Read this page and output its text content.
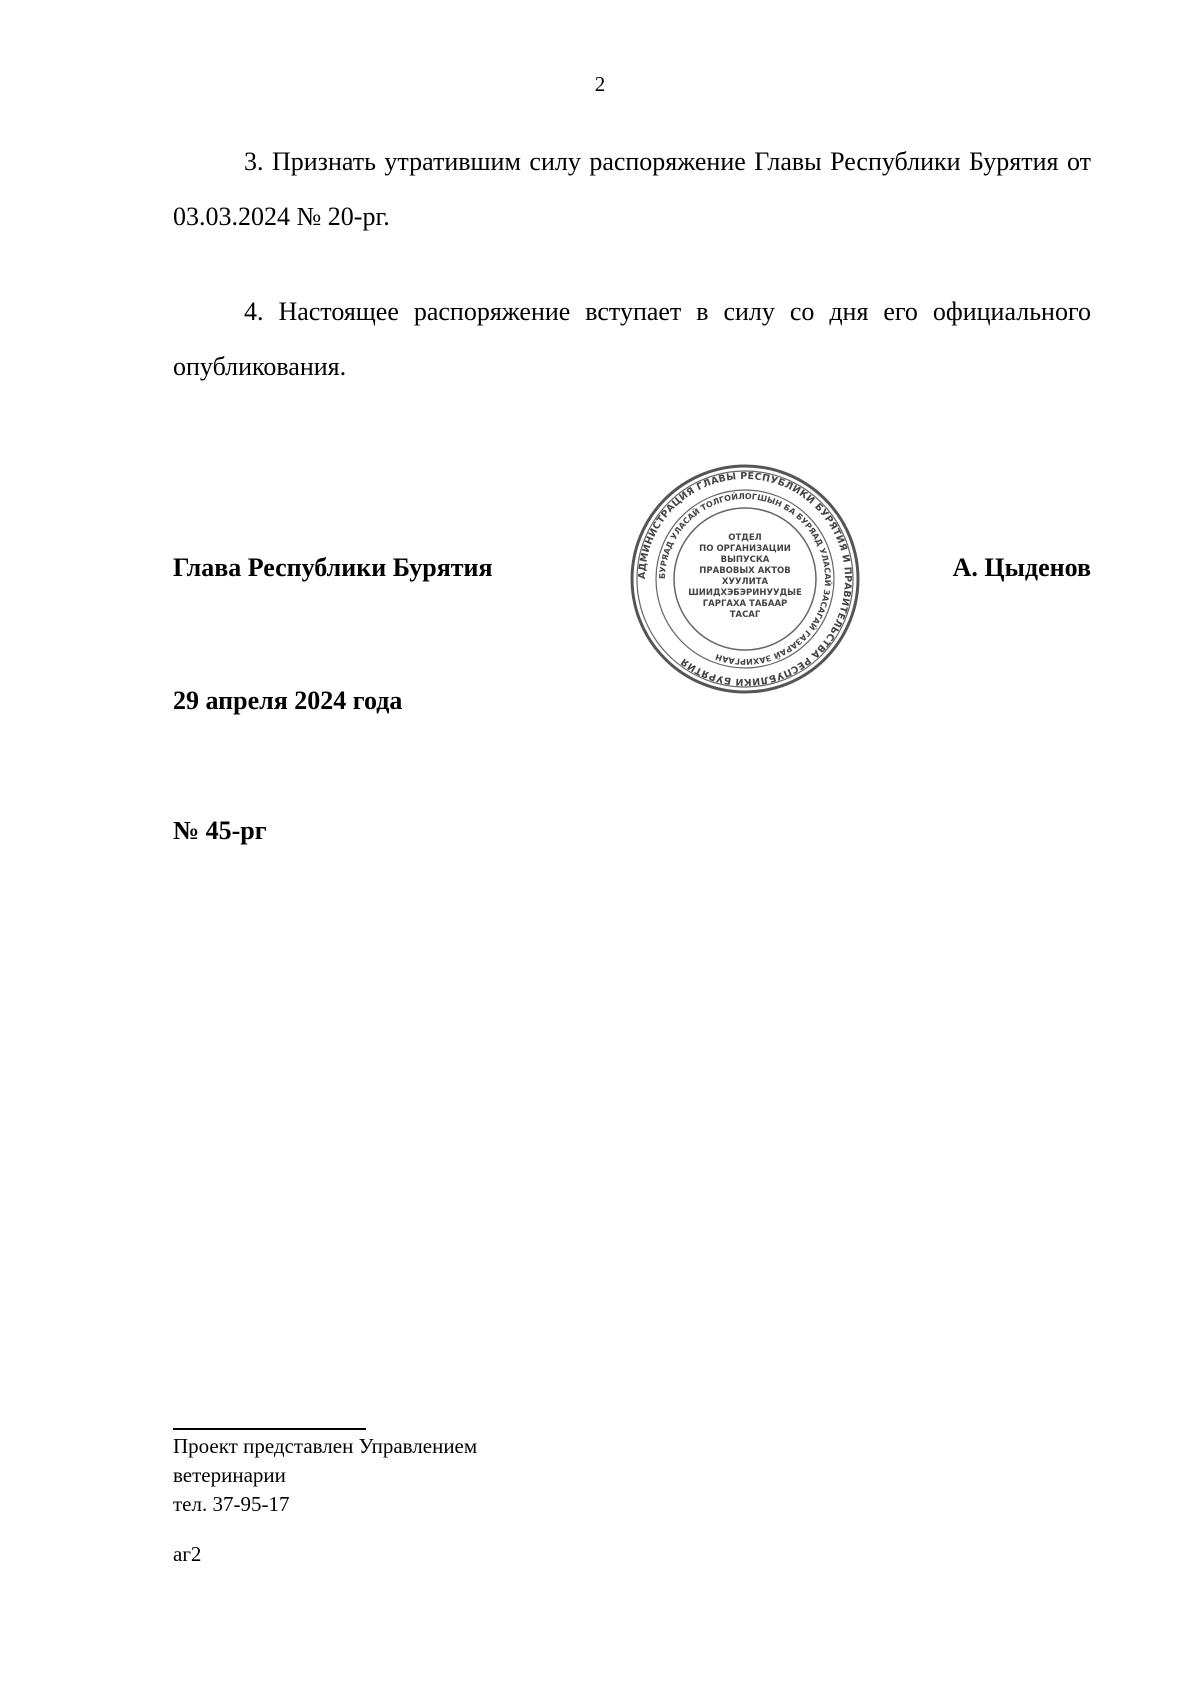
2

3. Признать утратившим силу распоряжение Главы Республики Бурятия от 03.03.2024 № 20-рг.

4. Настоящее распоряжение вступает в силу со дня его официального опубликования.

Глава Республики Бурятия	АДМИНИСТРАЦИЯ ГЛАВЫ РЕСПУБЛИКИ БУРЯТИЯ И ПРАВИТЕЛЬСТВА РЕСПУБЛИКИ БУРЯТИЯ
БУРЯАД УЛАСАЙ ТОЛГОЙЛОГШЫН БА БУРЯАД УЛАСАЙ ЗАСАГАЙ ГАЗАРАЙ ЗАХИРГААН
ОТДЕЛ
ПО ОРГАНИЗАЦИИ
ВЫПУСКА
ПРАВОВЫХ АКТОВ
ХУУЛИТА
ШИИДХЭБЭРИНУУДЫЕ
ГАРГАХА ТАБААР
ТАСАГ
А. Цыденов
29 апреля 2024 года
№ 45-рг
Проект представлен Управлением
ветеринарии
тел. 37-95-17
аг2
